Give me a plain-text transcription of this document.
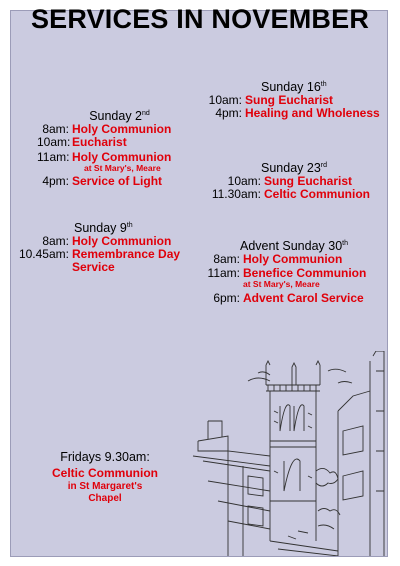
SERVICES IN NOVEMBER
Sunday 2nd
8am: Holy Communion
10am: Eucharist
11am: Holy Communion
at St Mary's, Meare
4pm: Service of Light
Sunday 9th
8am: Holy Communion
10.45am: Remembrance Day
Service
Sunday 16th
10am: Sung Eucharist
4pm: Healing and Wholeness
Sunday 23rd
10am: Sung Eucharist
11.30am: Celtic Communion
Advent Sunday 30th
8am: Holy Communion
11am: Benefice Communion
at St Mary's, Meare
6pm: Advent Carol Service
Fridays 9.30am:
Celtic Communion
in St Margaret's
Chapel
